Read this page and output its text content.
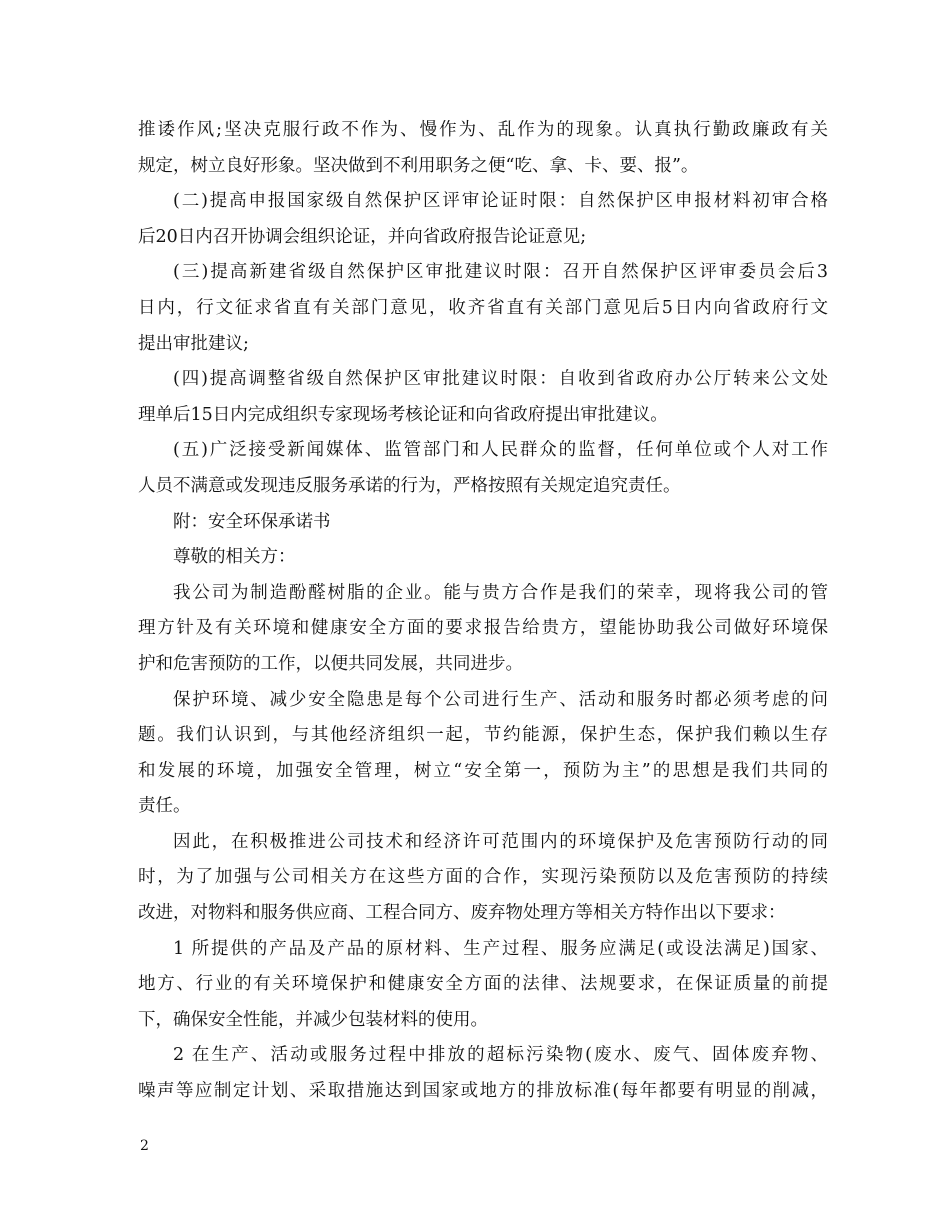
推诿作风;坚决克服行政不作为、慢作为、乱作为的现象。认真执行勤政廉政有关
规定，树立良好形象。坚决做到不利用职务之便“吃、拿、卡、要、报”。
(二)提高申报国家级自然保护区评审论证时限：自然保护区申报材料初审合格
后20日内召开协调会组织论证，并向省政府报告论证意见;
(三)提高新建省级自然保护区审批建议时限：召开自然保护区评审委员会后3
日内，行文征求省直有关部门意见，收齐省直有关部门意见后5日内向省政府行文
提出审批建议;
(四)提高调整省级自然保护区审批建议时限：自收到省政府办公厅转来公文处
理单后15日内完成组织专家现场考核论证和向省政府提出审批建议。
(五)广泛接受新闻媒体、监管部门和人民群众的监督，任何单位或个人对工作
人员不满意或发现违反服务承诺的行为，严格按照有关规定追究责任。
附：安全环保承诺书
尊敬的相关方：
我公司为制造酚醛树脂的企业。能与贵方合作是我们的荣幸，现将我公司的管
理方针及有关环境和健康安全方面的要求报告给贵方，望能协助我公司做好环境保
护和危害预防的工作，以便共同发展，共同进步。
保护环境、减少安全隐患是每个公司进行生产、活动和服务时都必须考虑的问
题。我们认识到，与其他经济组织一起，节约能源，保护生态，保护我们赖以生存
和发展的环境，加强安全管理，树立“安全第一，预防为主”的思想是我们共同的
责任。
因此，在积极推进公司技术和经济许可范围内的环境保护及危害预防行动的同
时，为了加强与公司相关方在这些方面的合作，实现污染预防以及危害预防的持续
改进，对物料和服务供应商、工程合同方、废弃物处理方等相关方特作出以下要求：
1 所提供的产品及产品的原材料、生产过程、服务应满足(或设法满足)国家、
地方、行业的有关环境保护和健康安全方面的法律、法规要求，在保证质量的前提
下，确保安全性能，并减少包装材料的使用。
2 在生产、活动或服务过程中排放的超标污染物(废水、废气、固体废弃物、
噪声等应制定计划、采取措施达到国家或地方的排放标准(每年都要有明显的削减，
2
